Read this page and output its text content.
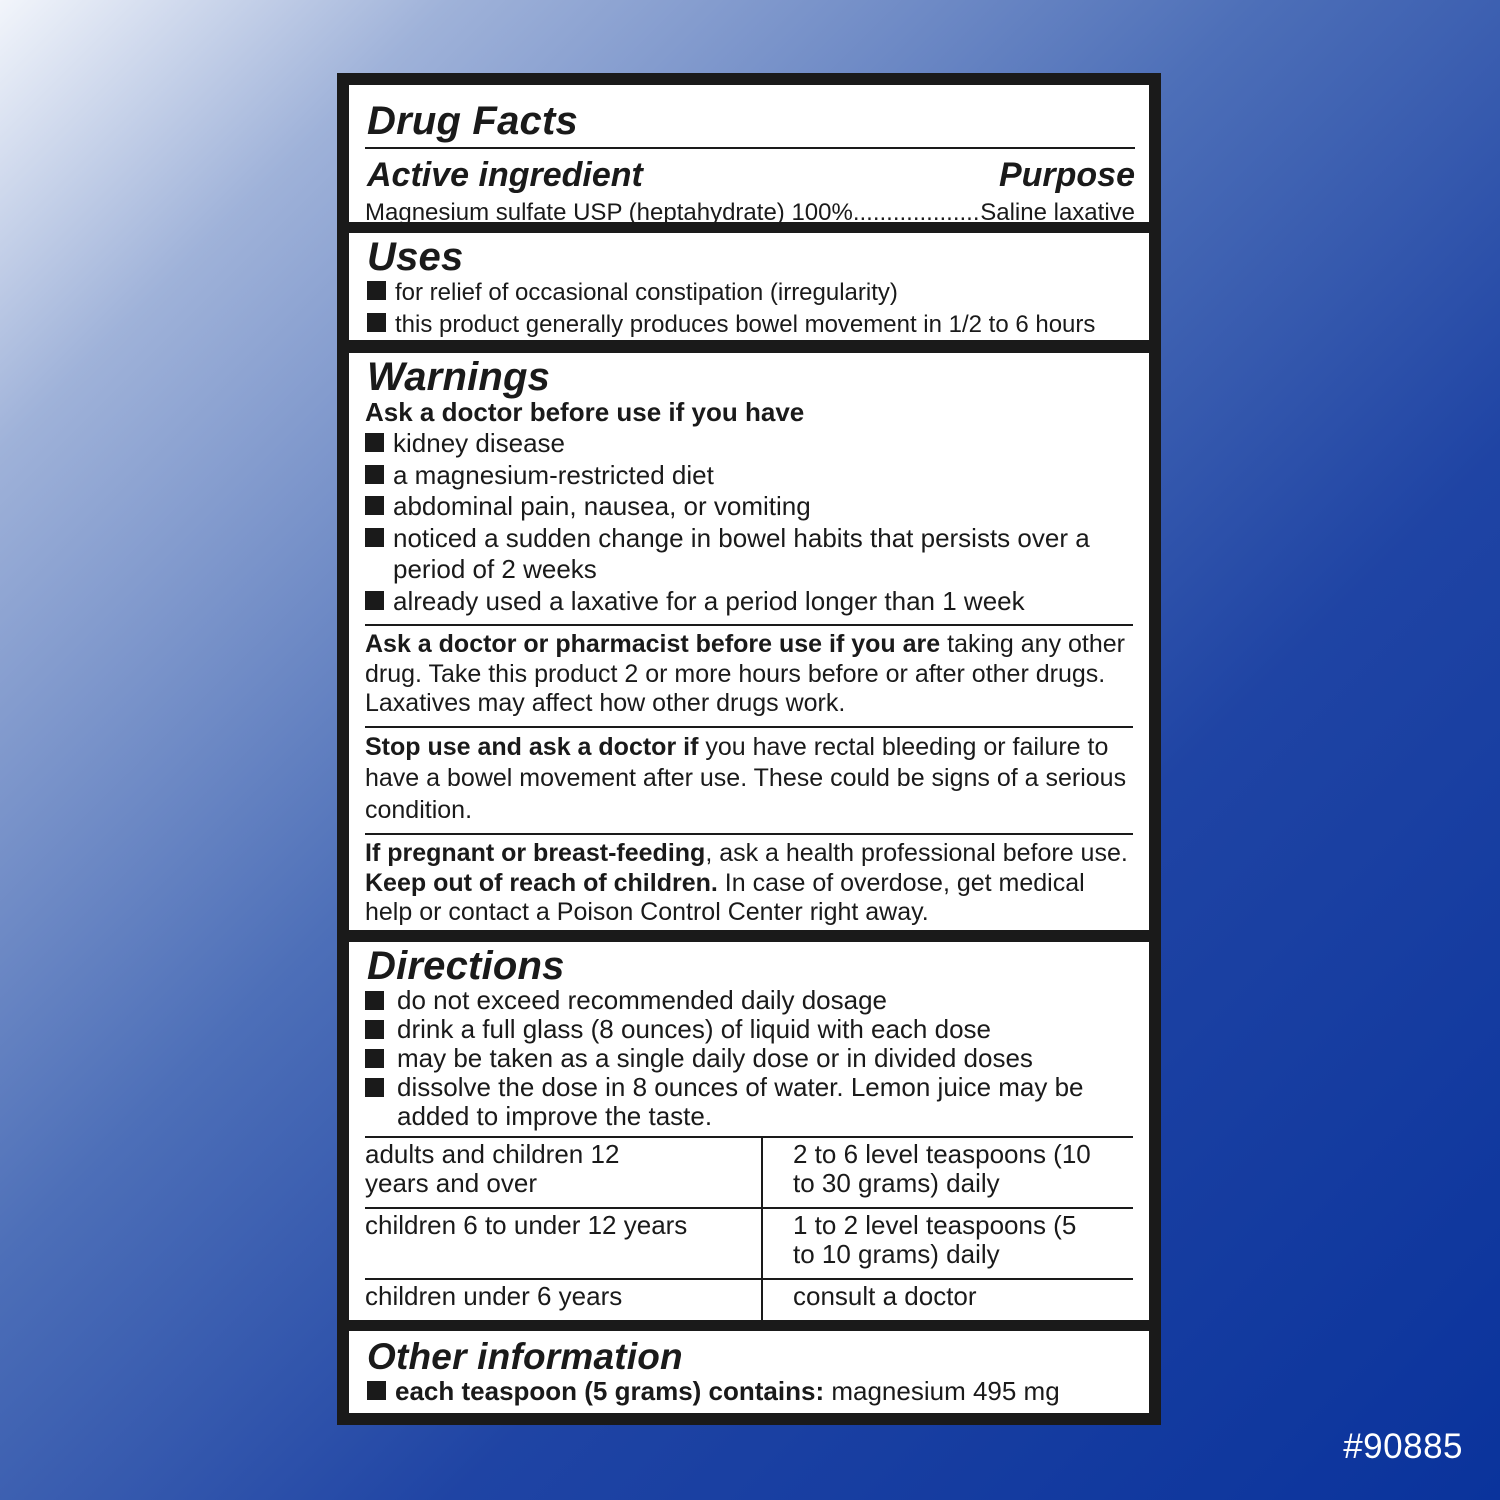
Drug Facts
Active ingredient	Purpose
Magnesium sulfate USP (heptahydrate) 100% .....	Saline laxative
Uses
for relief of occasional constipation (irregularity)
this product generally produces bowel movement in 1/2 to 6 hours
Warnings
Ask a doctor before use if you have
kidney disease
a magnesium-restricted diet
abdominal pain, nausea, or vomiting
noticed a sudden change in bowel habits that persists over a period of 2 weeks
already used a laxative for a period longer than 1 week
Ask a doctor or pharmacist before use if you are taking any other drug. Take this product 2 or more hours before or after other drugs. Laxatives may affect how other drugs work.
Stop use and ask a doctor if you have rectal bleeding or failure to have a bowel movement after use. These could be signs of a serious condition.
If pregnant or breast-feeding, ask a health professional before use. Keep out of reach of children. In case of overdose, get medical help or contact a Poison Control Center right away.
Directions
do not exceed recommended daily dosage
drink a full glass (8 ounces) of liquid with each dose
may be taken as a single daily dose or in divided doses
dissolve the dose in 8 ounces of water. Lemon juice may be added to improve the taste.
adults and children 12 years and over	2 to 6 level teaspoons (10 to 30 grams) daily
children 6 to under 12 years	1 to 2 level teaspoons (5 to 10 grams) daily
children under 6 years	consult a doctor
Other information
each teaspoon (5 grams) contains: magnesium 495 mg
#90885
